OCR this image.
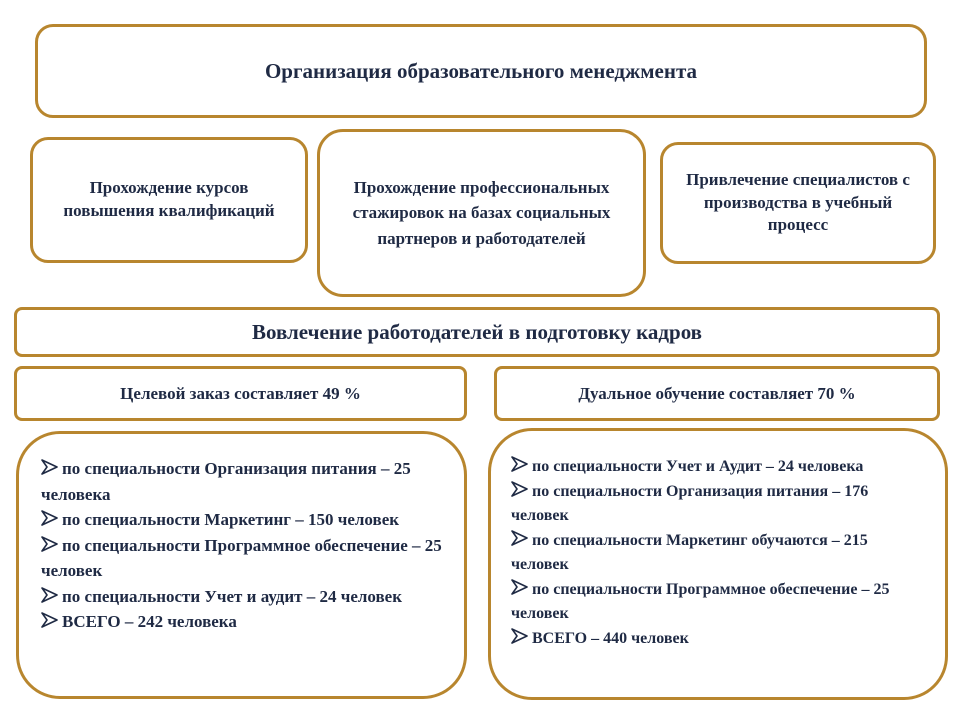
Организация образовательного менеджмента
Прохождение курсов повышения квалификаций
Прохождение профессиональных стажировок на базах социальных партнеров и работодателей
Привлечение специалистов с производства в учебный процесс
Вовлечение работодателей в подготовку кадров
Целевой заказ составляет 49 %	Дуальное обучение составляет 70 %
по специальности Организация питания – 25 человека
по специальности Маркетинг – 150 человек
по специальности Программное обеспечение – 25 человек
по специальности Учет и аудит – 24 человек
ВСЕГО – 242 человека
по специальности Учет и Аудит – 24 человека
по специальности Организация питания – 176 человек
по специальности Маркетинг обучаются – 215 человек
по специальности Программное обеспечение – 25 человек
ВСЕГО – 440 человек
